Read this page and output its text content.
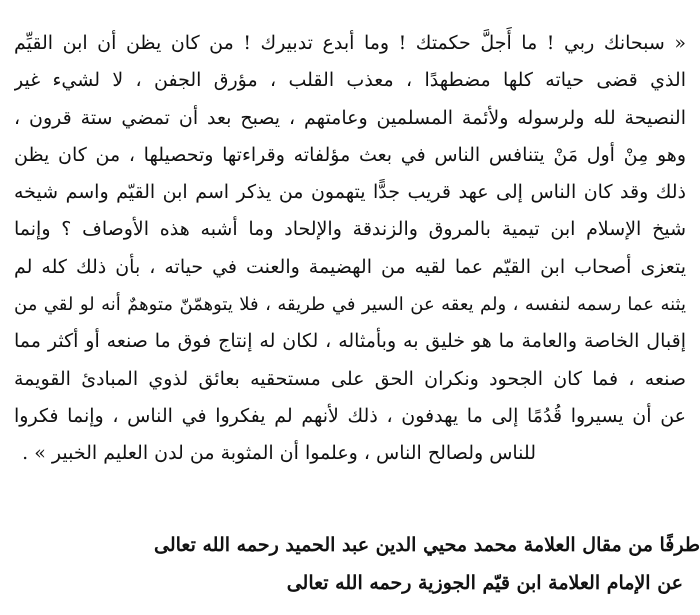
« سبحانك ربي ! ما أَجلَّ حكمتك ! وما أبدع تدبيرك ! من كان يظن أن ابن القيِّم
الذي قضى حياته كلها مضطهدًا ، معذب القلب ، مؤرق الجفن ، لا لشيء غير
النصيحة لله ولرسوله ولأئمة المسلمين وعامتهم ، يصبح بعد أن تمضي ستة قرون ،
وهو مِنْ أول مَنْ يتنافس الناس في بعث مؤلفاته وقراءتها وتحصيلها ، من كان يظن
ذلك وقد كان الناس إلى عهد قريب جدًّا يتهمون من يذكر اسم ابن القيّم واسم شيخه
شيخ الإسلام ابن تيمية بالمروق والزندقة والإلحاد وما أشبه هذه الأوصاف ؟ وإنما
يتعزى أصحاب ابن القيّم عما لقيه من الهضيمة والعنت في حياته ، بأن ذلك كله لم
يثنه عما رسمه لنفسه ، ولم يعقه عن السير في طريقه ، فلا يتوهمّنّ متوهمٌ أنه لو لقي من
إقبال الخاصة والعامة ما هو خليق به وبأمثاله ، لكان له إنتاج فوق ما صنعه أو أكثر مما
صنعه ، فما كان الجحود ونكران الحق على مستحقيه بعائق لذوي المبادئ القويمة
عن أن يسيروا قُدُمًا إلى ما يهدفون ، ذلك لأنهم لم يفكروا في الناس ، وإنما فكروا
للناس ولصالح الناس ، وعلموا أن المثوبة من لدن العليم الخبير » .
طرفًا من مقال العلامة محمد محيي الدين عبد الحميد رحمه الله تعالى
عن الإمام العلامة ابن قيّم الجوزية رحمه الله تعالى
